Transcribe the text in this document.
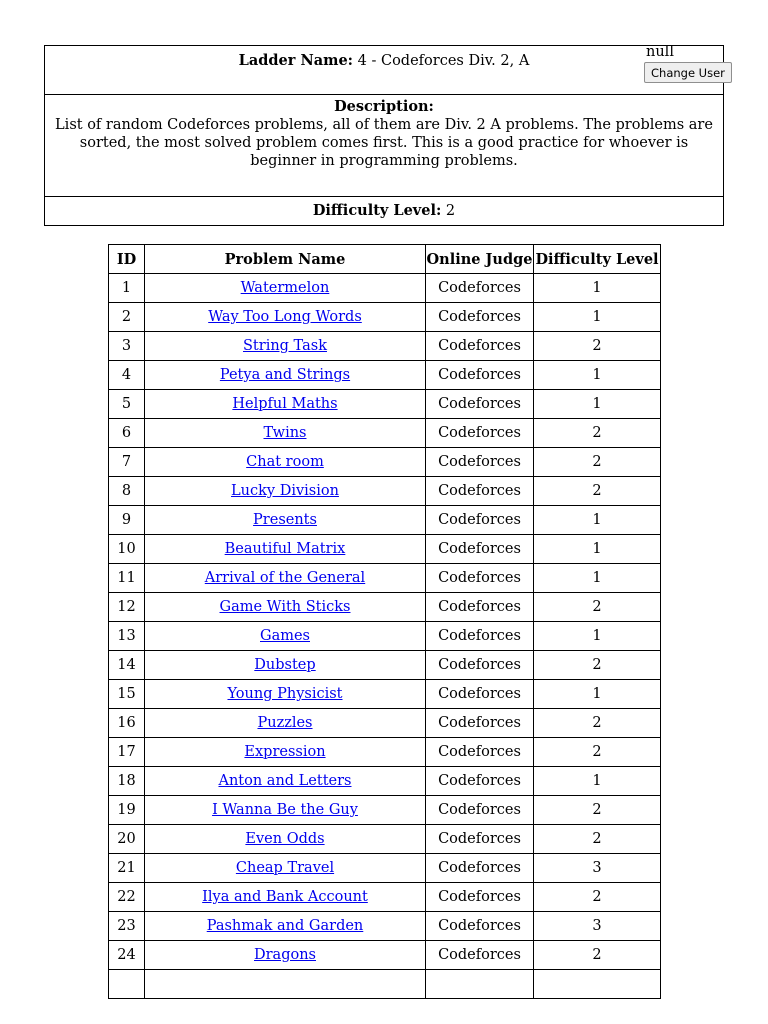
Ladder Name: 4 - Codeforces Div. 2, A
null
Change User
Description:
List of random Codeforces problems, all of them are Div. 2 A problems. The problems are sorted, the most solved problem comes first. This is a good practice for whoever is beginner in programming problems.
Difficulty Level: 2
ID	Problem Name	Online Judge	Difficulty Level
1	Watermelon	Codeforces	1
2	Way Too Long Words	Codeforces	1
3	String Task	Codeforces	2
4	Petya and Strings	Codeforces	1
5	Helpful Maths	Codeforces	1
6	Twins	Codeforces	2
7	Chat room	Codeforces	2
8	Lucky Division	Codeforces	2
9	Presents	Codeforces	1
10	Beautiful Matrix	Codeforces	1
11	Arrival of the General	Codeforces	1
12	Game With Sticks	Codeforces	2
13	Games	Codeforces	1
14	Dubstep	Codeforces	2
15	Young Physicist	Codeforces	1
16	Puzzles	Codeforces	2
17	Expression	Codeforces	2
18	Anton and Letters	Codeforces	1
19	I Wanna Be the Guy	Codeforces	2
20	Even Odds	Codeforces	2
21	Cheap Travel	Codeforces	3
22	Ilya and Bank Account	Codeforces	2
23	Pashmak and Garden	Codeforces	3
24	Dragons	Codeforces	2
